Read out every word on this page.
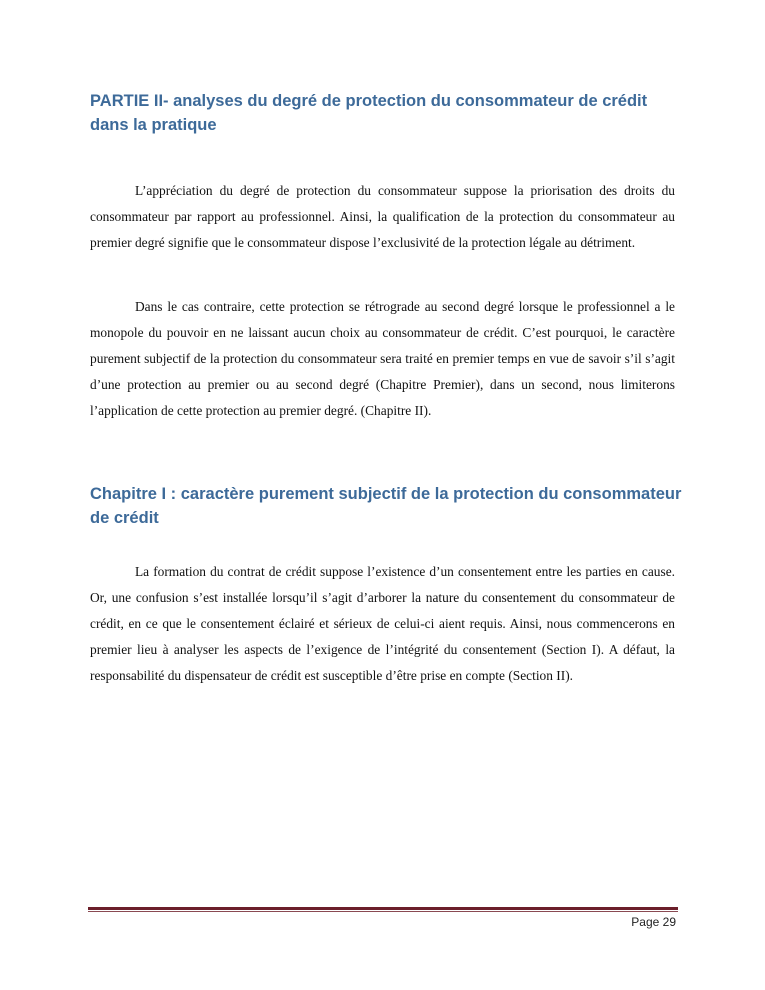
PARTIE II- analyses du degré de protection du consommateur de crédit dans la pratique

L’appréciation du degré de protection du consommateur suppose la priorisation des droits du consommateur par rapport au professionnel. Ainsi, la qualification de la protection du consommateur au premier degré signifie que le consommateur dispose l’exclusivité de la protection légale au détriment.

Dans le cas contraire, cette protection se rétrograde au second degré lorsque le professionnel a le monopole du pouvoir en ne laissant aucun choix au consommateur de crédit. C’est pourquoi, le caractère purement subjectif de la protection du consommateur sera traité en premier temps en vue de savoir s’il s’agit d’une protection au premier ou au second degré (Chapitre Premier), dans un second, nous limiterons l’application de cette protection au premier degré. (Chapitre II).

Chapitre I : caractère purement subjectif de la protection du consommateur de crédit

La formation du contrat de crédit suppose l’existence d’un consentement entre les parties en cause. Or, une confusion s’est installée lorsqu’il s’agit d’arborer la nature du consentement du consommateur de crédit, en ce que le consentement éclairé et sérieux de celui-ci aient requis. Ainsi, nous commencerons en premier lieu à analyser les aspects de l’exigence de l’intégrité du consentement (Section I). A défaut, la responsabilité du dispensateur de crédit est susceptible d’être prise en compte (Section II).

Page 29
